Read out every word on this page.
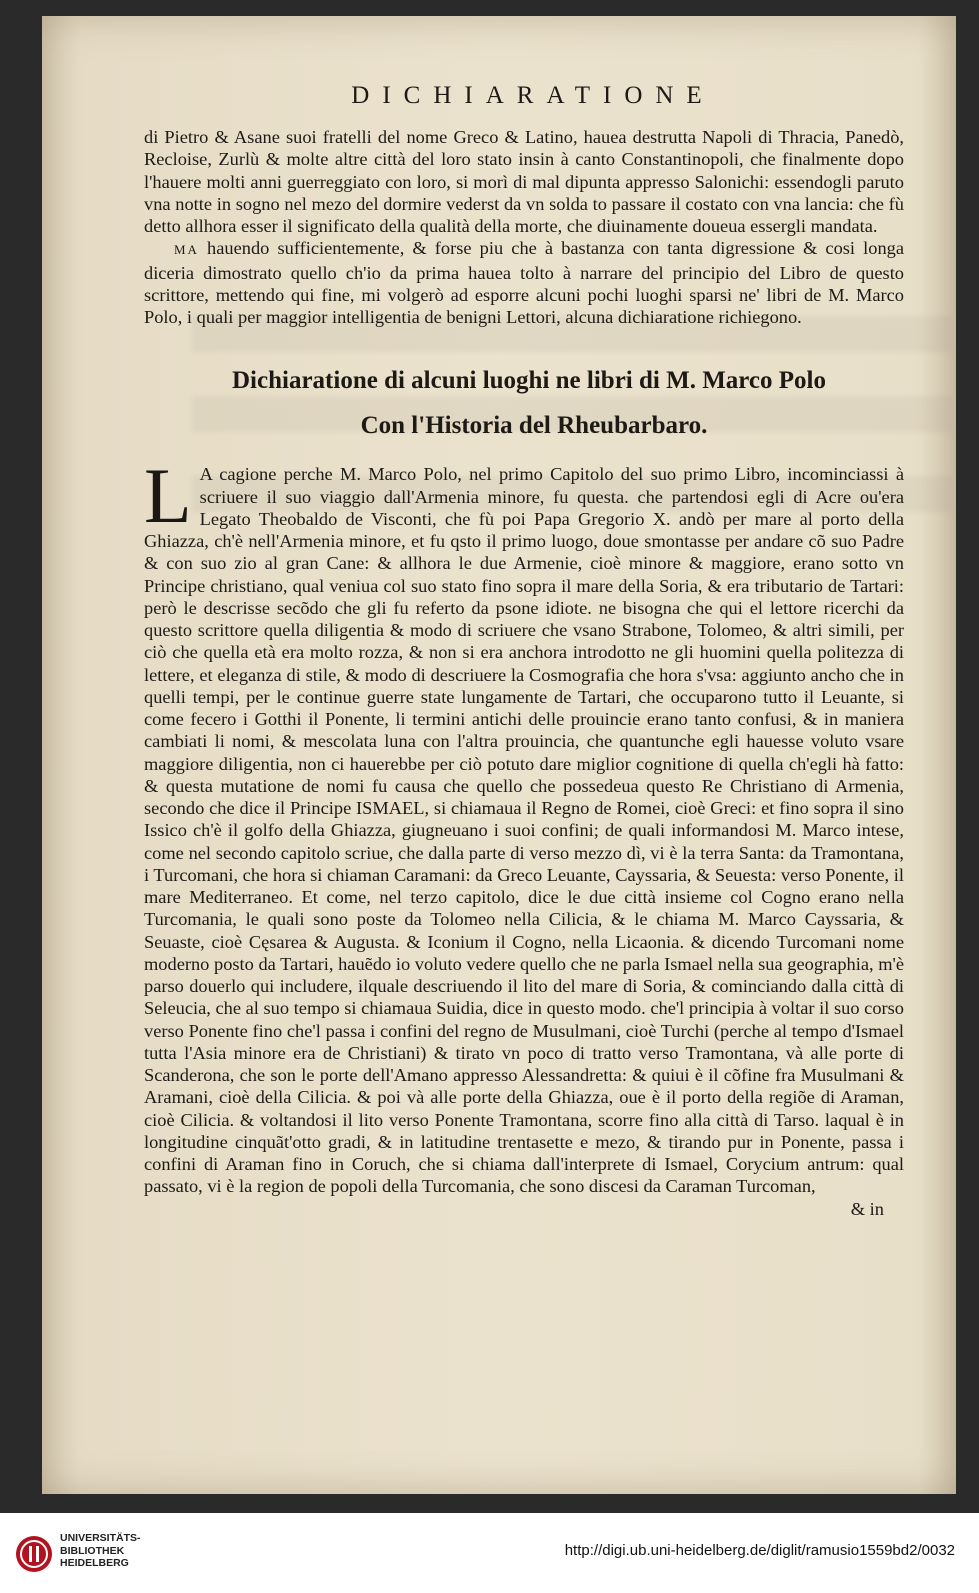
DICHIARATIONE

di Pietro & Asane suoi fratelli del nome Greco & Latino, hauea destrutta Napoli di Thracia, Panedò, Recloise, Zurlù & molte altre città del loro stato insin à canto Constantinopoli, che finalmente dopo l'hauere molti anni guerreggiato con loro, si morì di mal dipunta appresso Salonichi: essendogli paruto vna notte in sogno nel mezo del dormire vederst da vn solda to passare il costato con vna lancia: che fù detto allhora esser il significato della qualità della morte, che diuinamente doueua essergli mandata.

MA hauendo sufficientemente, & forse piu che à bastanza con tanta digressione & cosi longa diceria dimostrato quello ch'io da prima hauea tolto à narrare del principio del Libro de questo scrittore, mettendo qui fine, mi volgerò ad esporre alcuni pochi luoghi sparsi ne' libri de M. Marco Polo, i quali per maggior intelligentia de benigni Lettori, alcuna dichiaratione richiegono.

Dichiaratione di alcuni luoghi ne libri di M. Marco Polo
Con l'Historia del Rheubarbaro.
L A cagione perche M. Marco Polo, nel primo Capitolo del suo primo Libro, incominciassi à scriuere il suo viaggio dall'Armenia minore, fu questa. che partendosi egli di Acre ou'era Legato Theobaldo de Visconti, che fù poi Papa Gregorio X. andò per mare al porto della Ghiazza, ch'è nell'Armenia minore, et fu qsto il primo luogo, doue smontasse per andare cõ suo Padre & con suo zio al gran Cane: & allhora le due Armenie, cioè minore & maggiore, erano sotto vn Principe christiano, qual veniua col suo stato fino sopra il mare della Soria, & era tributario de Tartari: però le descrisse secõdo che gli fu referto da psone idiote. ne bisogna che qui el lettore ricerchi da questo scrittore quella diligentia & modo di scriuere che vsano Strabone, Tolomeo, & altri simili, per ciò che quella età era molto rozza, & non si era anchora introdotto ne gli huomini quella politezza di lettere, et eleganza di stile, & modo di descriuere la Cosmografia che hora s'vsa: aggiunto ancho che in quelli tempi, per le continue guerre state lungamente de Tartari, che occuparono tutto il Leuante, si come fecero i Gotthi il Ponente, li termini antichi delle prouincie erano tanto confusi, & in maniera cambiati li nomi, & mescolata luna con l'altra prouincia, che quantunche egli hauesse voluto vsare maggiore diligentia, non ci hauerebbe per ciò potuto dare miglior cognitione di quella ch'egli hà fatto: & questa mutatione de nomi fu causa che quello che possedeua questo Re Christiano di Armenia, secondo che dice il Principe ISMAEL, si chiamaua il Regno de Romei, cioè Greci: et fino sopra il sino Issico ch'è il golfo della Ghiazza, giugneuano i suoi confini; de quali informandosi M. Marco intese, come nel secondo capitolo scriue, che dalla parte di verso mezzo dì, vi è la terra Santa: da Tramontana, i Turcomani, che hora si chiaman Caramani: da Greco Leuante, Cayssaria, & Seuesta: verso Ponente, il mare Mediterraneo. Et come, nel terzo capitolo, dice le due città insieme col Cogno erano nella Turcomania, le quali sono poste da Tolomeo nella Cilicia, & le chiama M. Marco Cayssaria, & Seuaste, cioè Cęsarea & Augusta. & Iconium il Cogno, nella Licaonia. & dicendo Turcomani nome moderno posto da Tartari, hauẽdo io voluto vedere quello che ne parla Ismael nella sua geographia, m'è parso douerlo qui includere, ilquale descriuendo il lito del mare di Soria, & cominciando dalla città di Seleucia, che al suo tempo si chiamaua Suidia, dice in questo modo. che'l principia à voltar il suo corso verso Ponente fino che'l passa i confini del regno de Musulmani, cioè Turchi (perche al tempo d'Ismael tutta l'Asia minore era de Christiani) & tirato vn poco di tratto verso Tramontana, và alle porte di Scanderona, che son le porte dell'Amano appresso Alessandretta: & quiui è il cõfine fra Musulmani & Aramani, cioè della Cilicia. & poi và alle porte della Ghiazza, oue è il porto della regiõe di Araman, cioè Cilicia. & voltandosi il lito verso Ponente Tramontana, scorre fino alla città di Tarso. laqual è in longitudine cinquãt'otto gradi, & in latitudine trentasette e mezo, & tirando pur in Ponente, passa i confini di Araman fino in Coruch, che si chiama dall'interprete di Ismael, Corycium antrum: qual passato, vi è la region de popoli della Turcomania, che sono discesi da Caraman Turcoman,

& in
UNIVERSITÄTS-
BIBLIOTHEK
HEIDELBERG
http://digi.ub.uni-heidelberg.de/diglit/ramusio1559bd2/0032
